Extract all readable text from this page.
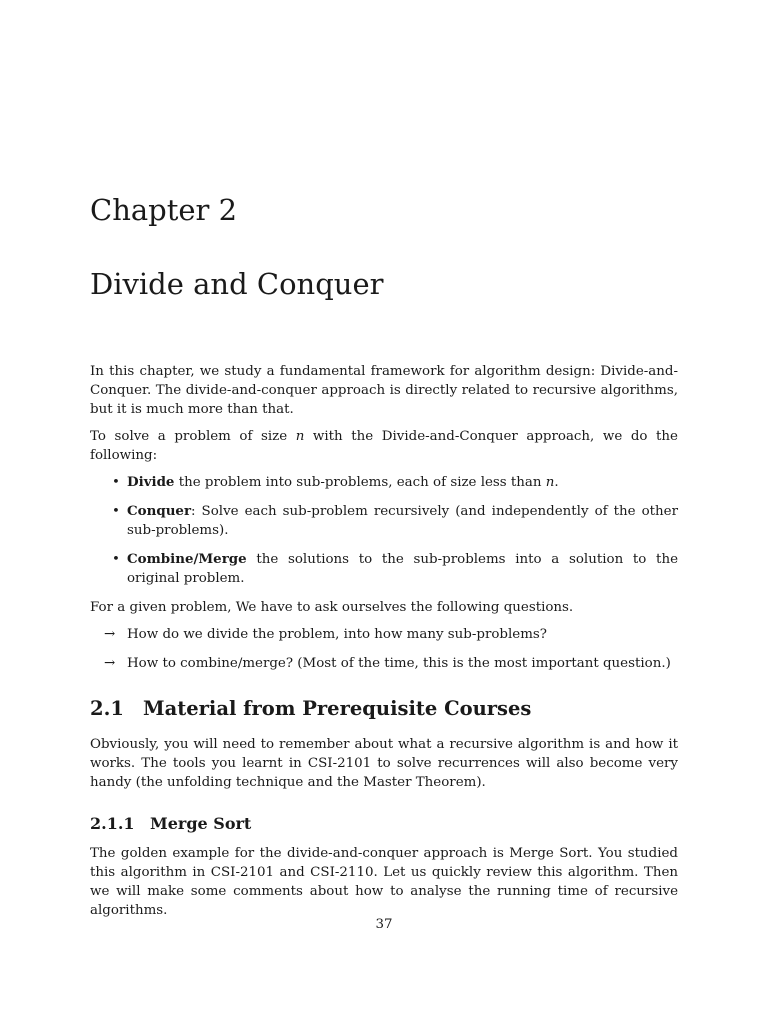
Chapter 2
Divide and Conquer

In this chapter, we study a fundamental framework for algorithm design: Divide-and-Conquer. The divide-and-conquer approach is directly related to recursive algorithms, but it is much more than that.

To solve a problem of size n with the Divide-and-Conquer approach, we do the following:

• Divide the problem into sub-problems, each of size less than n.
• Conquer: Solve each sub-problem recursively (and independently of the other sub-problems).
• Combine/Merge the solutions to the sub-problems into a solution to the original problem.

For a given problem, We have to ask ourselves the following questions.

→ How do we divide the problem, into how many sub-problems?
→ How to combine/merge? (Most of the time, this is the most important question.)
2.1 Material from Prerequisite Courses

Obviously, you will need to remember about what a recursive algorithm is and how it works. The tools you learnt in CSI-2101 to solve recurrences will also become very handy (the unfolding technique and the Master Theorem).

2.1.1 Merge Sort

The golden example for the divide-and-conquer approach is Merge Sort. You studied this algorithm in CSI-2101 and CSI-2110. Let us quickly review this algorithm. Then we will make some comments about how to analyse the running time of recursive algorithms.

37
